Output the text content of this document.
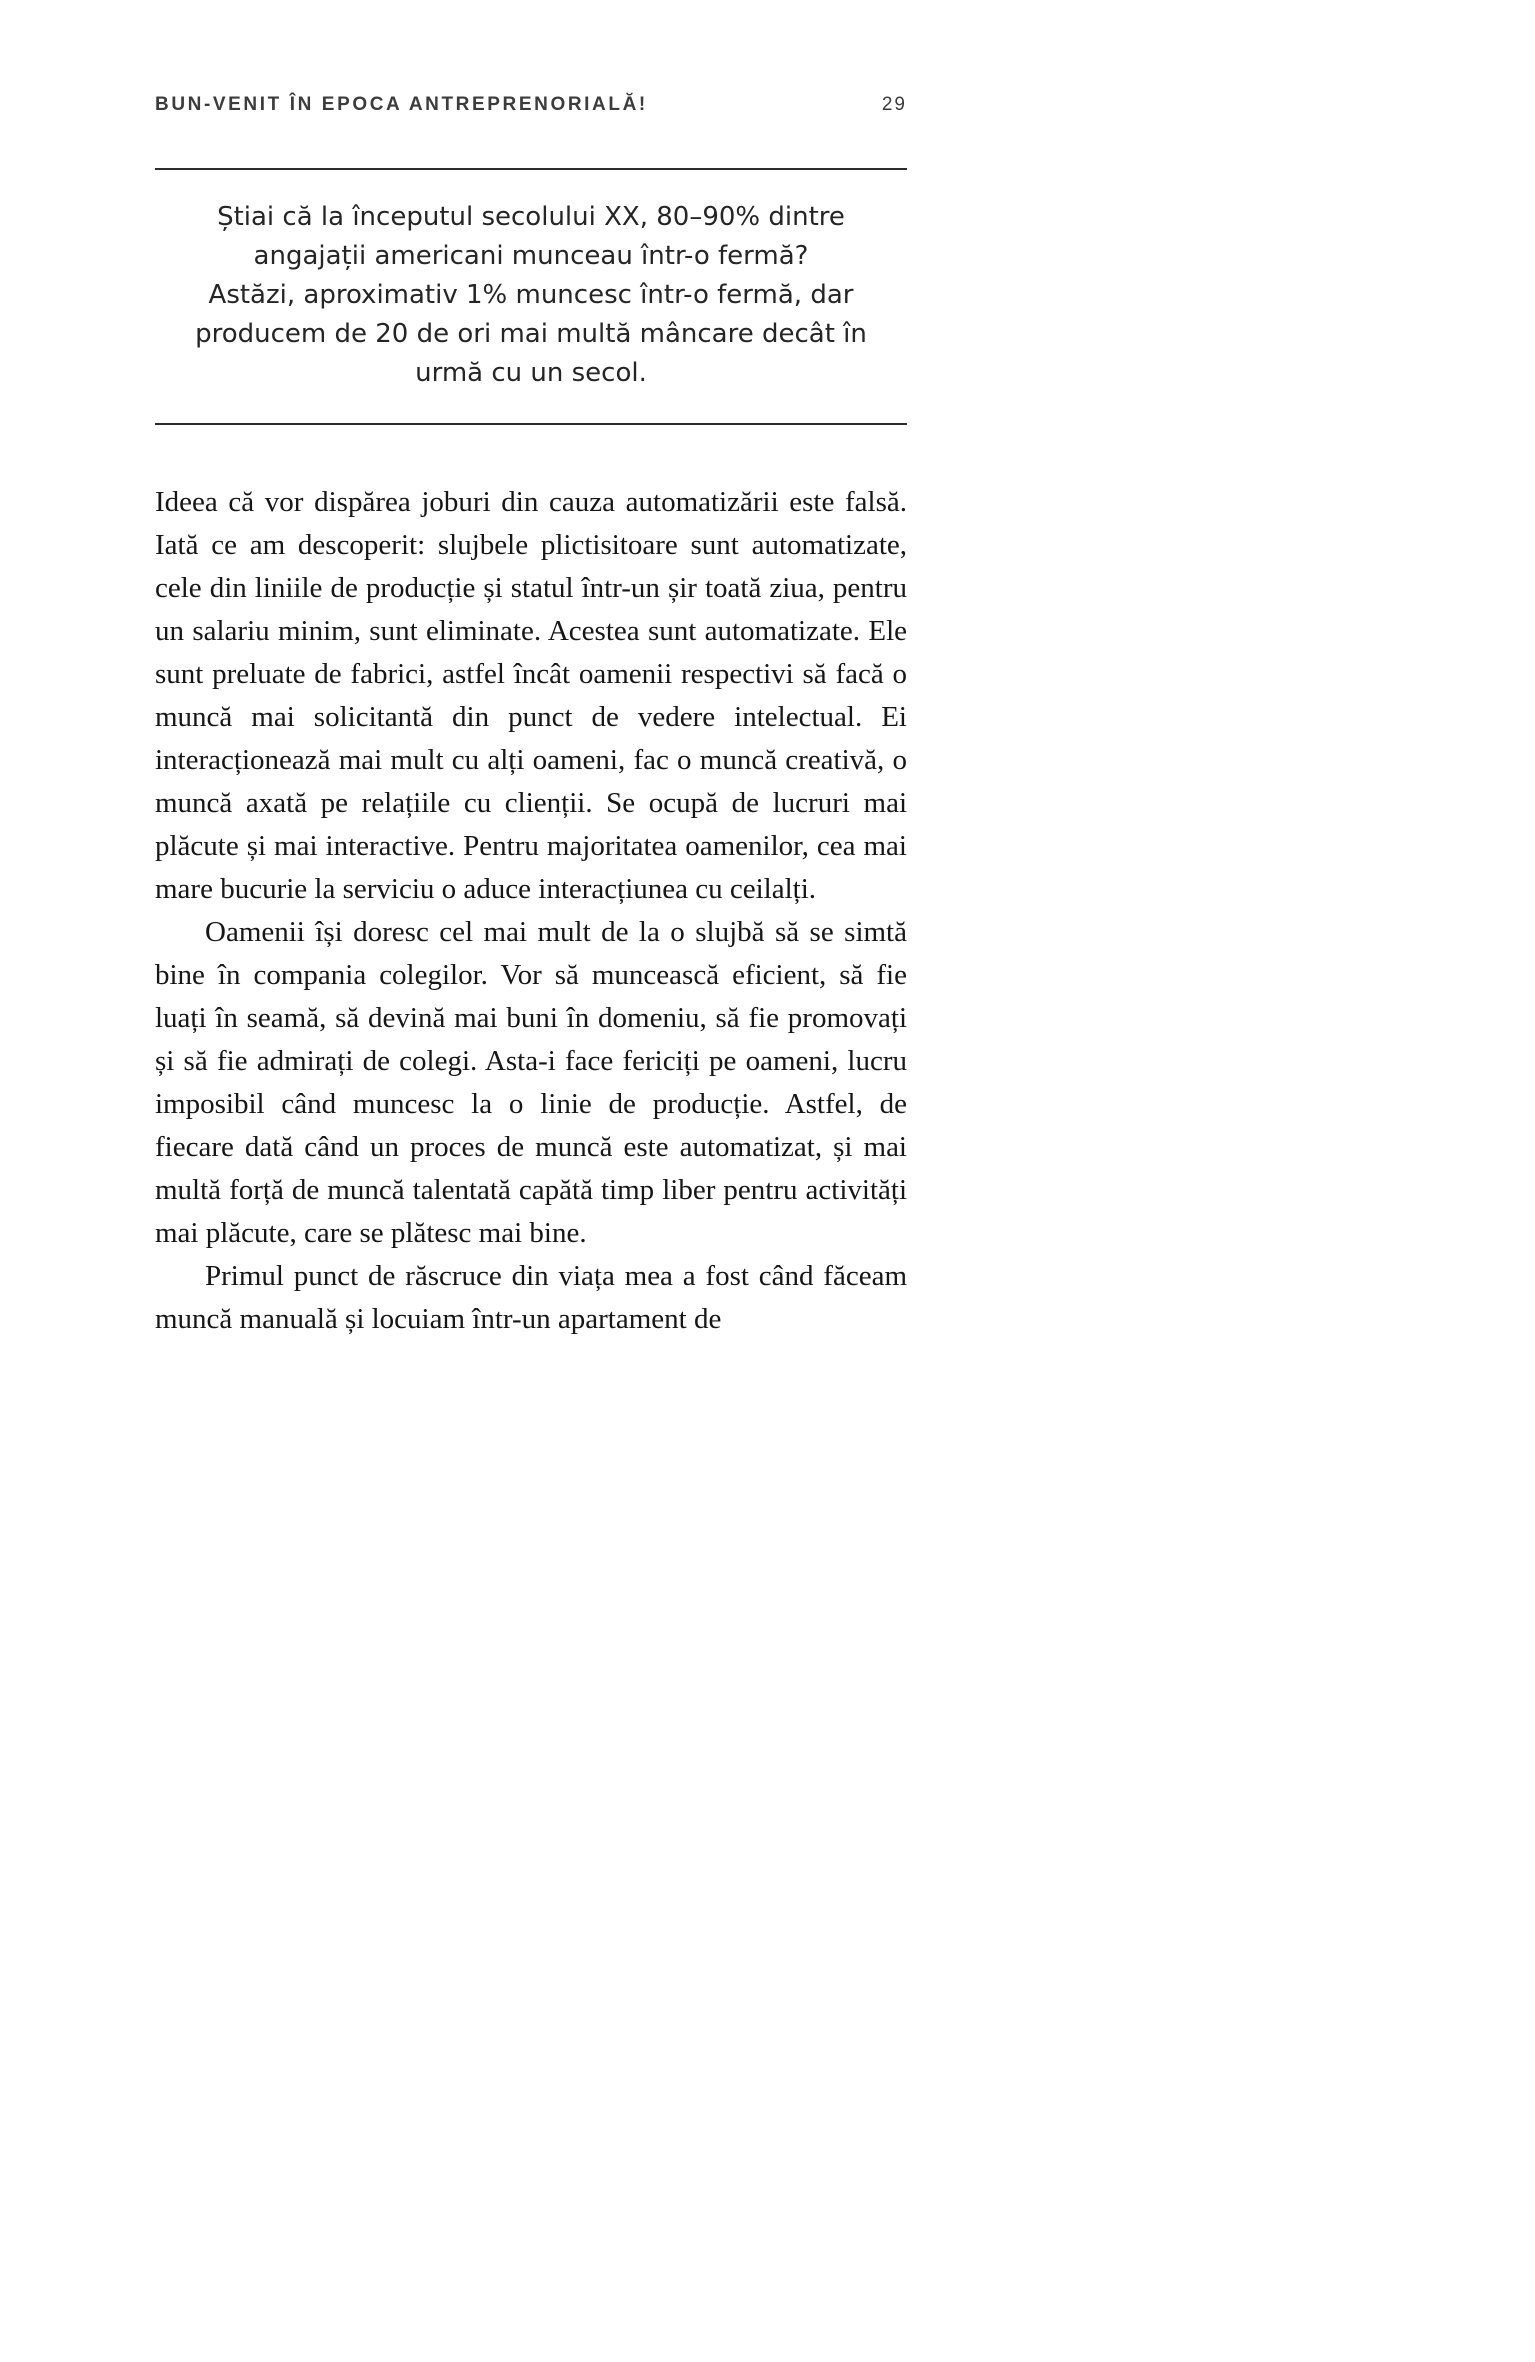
BUN-VENIT ÎN EPOCA ANTREPRENORIALĂ!	29
Știai că la începutul secolului XX, 80–90% dintre
angajații americani munceau într-o fermă?
Astăzi, aproximativ 1% muncesc într-o fermă, dar
producem de 20 de ori mai multă mâncare decât în
urmă cu un secol.

Ideea că vor dispărea joburi din cauza automatizării este falsă. Iată ce am descoperit: slujbele plictisitoare sunt automatizate, cele din liniile de producție și statul într-un șir toată ziua, pentru un salariu minim, sunt eliminate. Acestea sunt automatizate. Ele sunt preluate de fabrici, astfel încât oamenii respectivi să facă o muncă mai solicitantă din punct de vedere intelectual. Ei interacționează mai mult cu alți oameni, fac o muncă creativă, o muncă axată pe relațiile cu clienții. Se ocupă de lucruri mai plăcute și mai interactive. Pentru majoritatea oamenilor, cea mai mare bucurie la serviciu o aduce interacțiunea cu ceilalți.

Oamenii își doresc cel mai mult de la o slujbă să se simtă bine în compania colegilor. Vor să muncească eficient, să fie luați în seamă, să devină mai buni în domeniu, să fie promovați și să fie admirați de colegi. Asta-i face fericiți pe oameni, lucru imposibil când muncesc la o linie de producție. Astfel, de fiecare dată când un proces de muncă este automatizat, și mai multă forță de muncă talentată capătă timp liber pentru activități mai plăcute, care se plătesc mai bine.

Primul punct de răscruce din viața mea a fost când făceam muncă manuală și locuiam într-un apartament de
